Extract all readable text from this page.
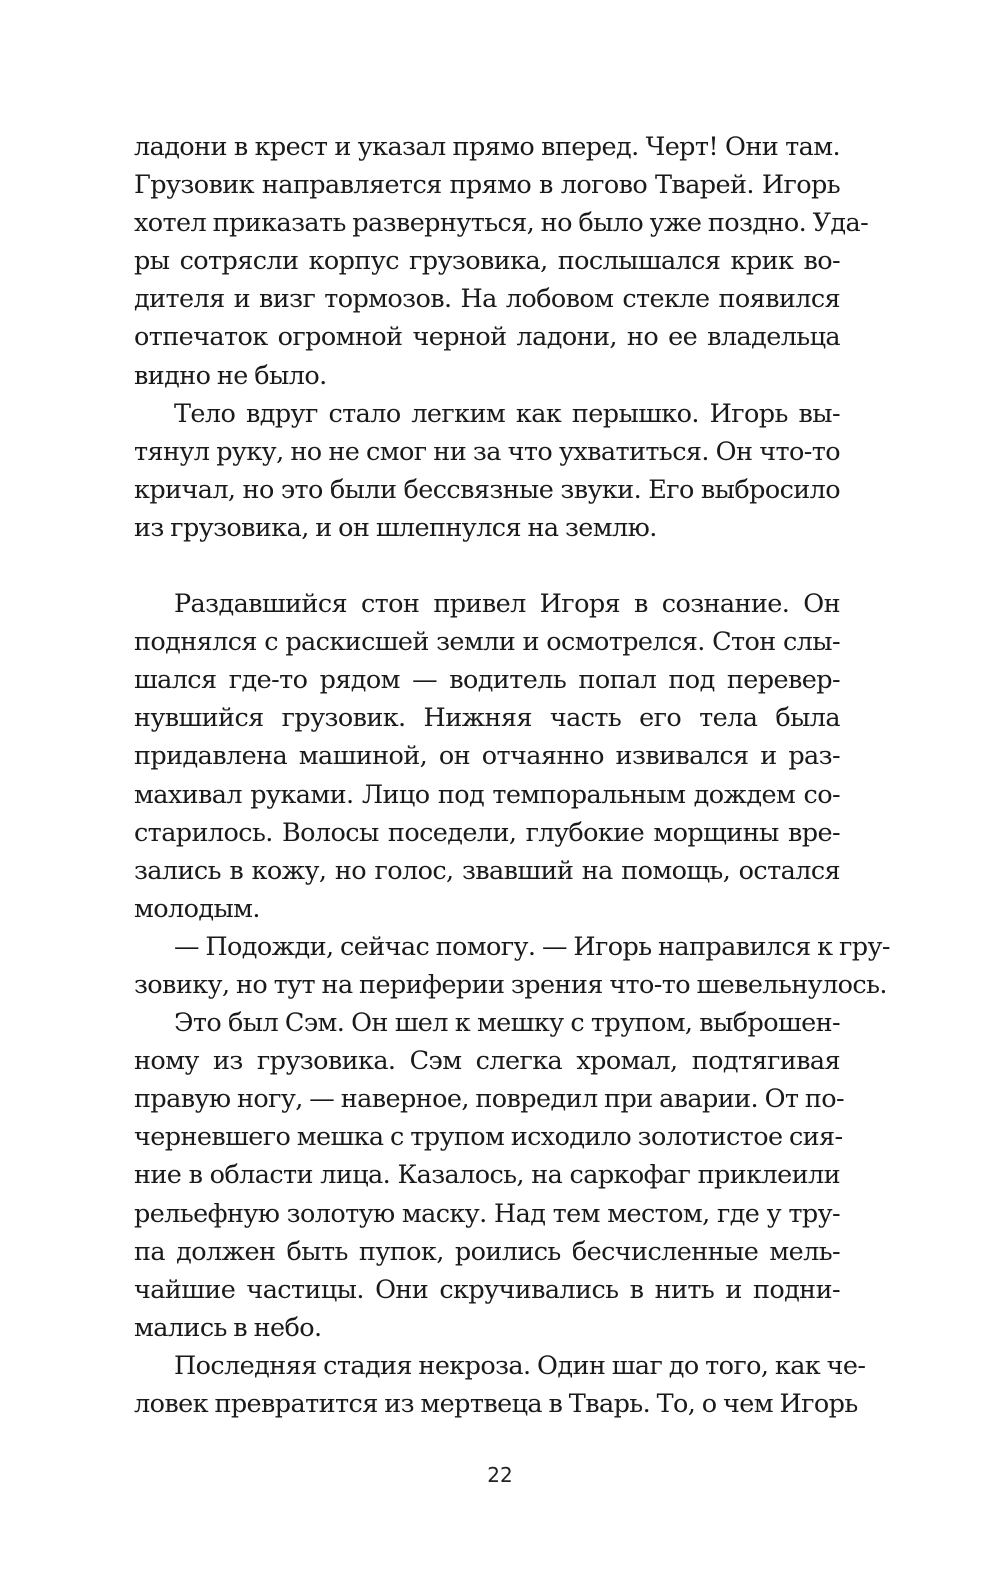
ладони в крест и указал прямо вперед. Черт! Они там.
Грузовик направляется прямо в логово Тварей. Игорь
хотел приказать развернуться, но было уже поздно. Уда-
ры сотрясли корпус грузовика, послышался крик во-
дителя и визг тормозов. На лобовом стекле появился
отпечаток огромной черной ладони, но ее владельца
видно не было.
Тело вдруг стало легким как перышко. Игорь вы-
тянул руку, но не смог ни за что ухватиться. Он что-то
кричал, но это были бессвязные звуки. Его выбросило
из грузовика, и он шлепнулся на землю.
Раздавшийся стон привел Игоря в сознание. Он
поднялся с раскисшей земли и осмотрелся. Стон слы-
шался где-то рядом — водитель попал под перевер-
нувшийся грузовик. Нижняя часть его тела была
придавлена машиной, он отчаянно извивался и раз-
махивал руками. Лицо под темпоральным дождем со-
старилось. Волосы поседели, глубокие морщины вре-
зались в кожу, но голос, звавший на помощь, остался
молодым.
— Подожди, сейчас помогу. — Игорь направился к гру-
зовику, но тут на периферии зрения что-то шевельнулось.
Это был Сэм. Он шел к мешку с трупом, выброшен-
ному из грузовика. Сэм слегка хромал, подтягивая
правую ногу, — наверное, повредил при аварии. От по-
черневшего мешка с трупом исходило золотистое сия-
ние в области лица. Казалось, на саркофаг приклеили
рельефную золотую маску. Над тем местом, где у тру-
па должен быть пупок, роились бесчисленные мель-
чайшие частицы. Они скручивались в нить и подни-
мались в небо.
Последняя стадия некроза. Один шаг до того, как че-
ловек превратится из мертвеца в Тварь. То, о чем Игорь
22
